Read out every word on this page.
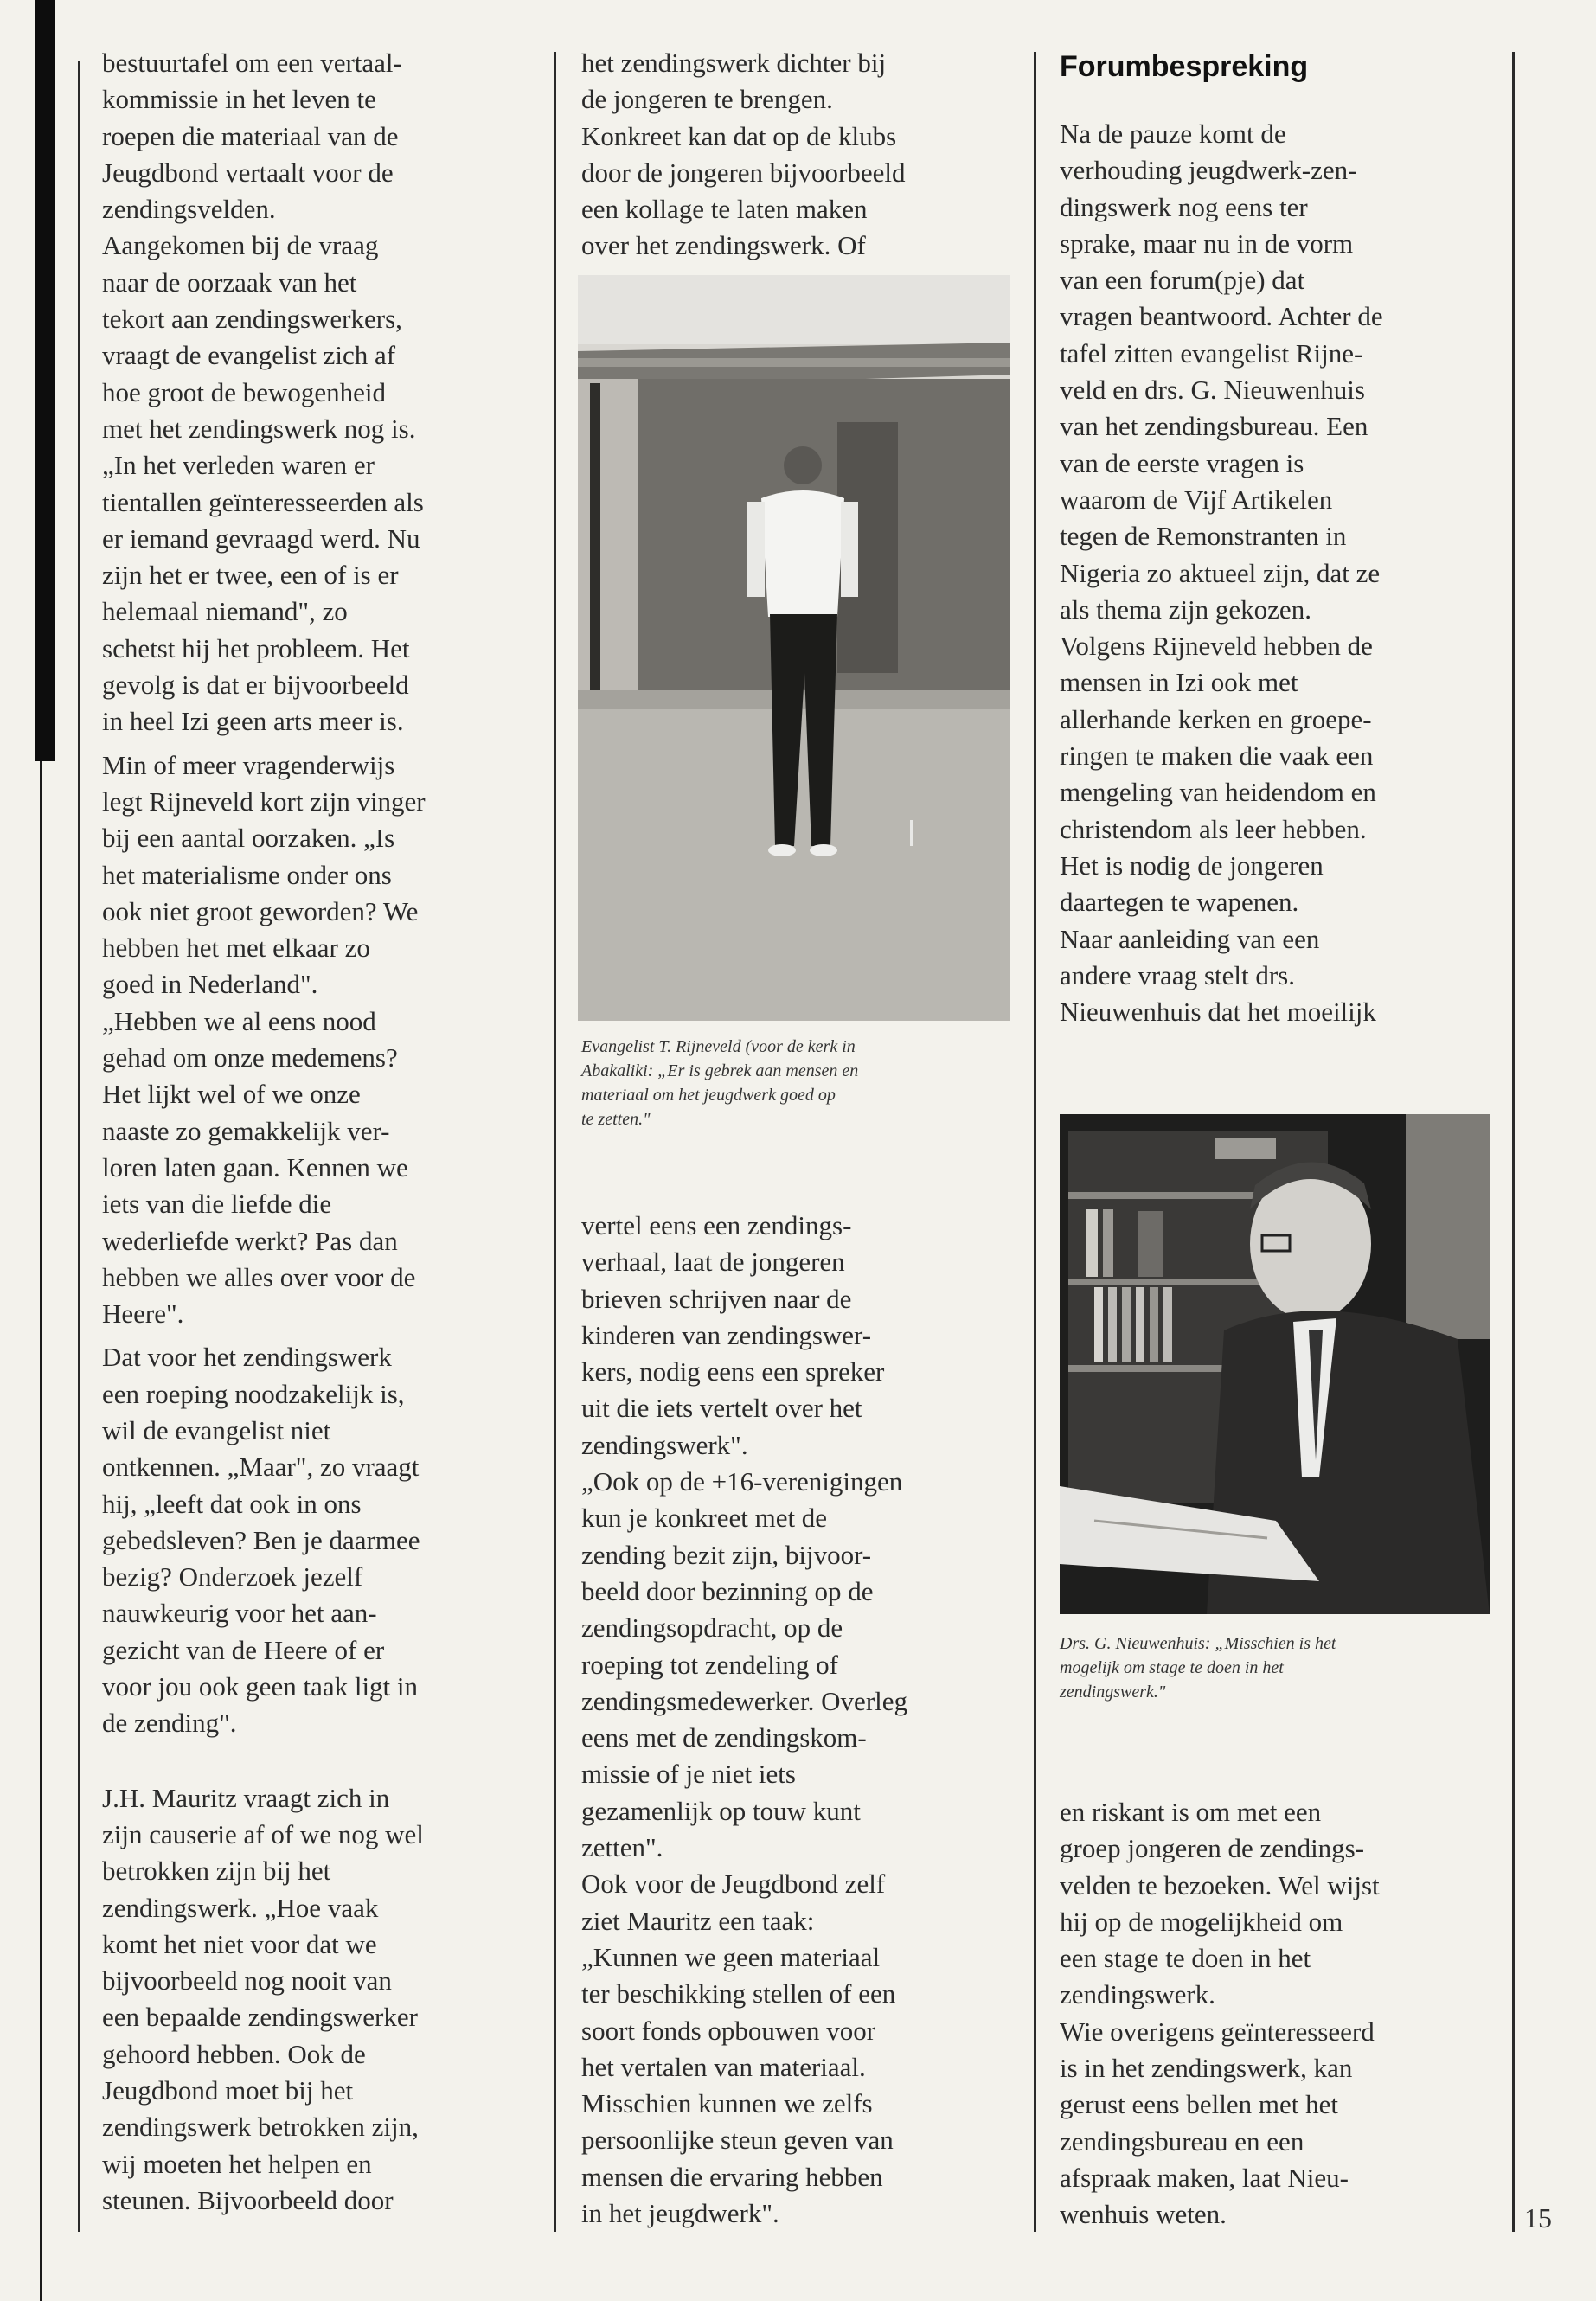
bestuurtafel om een vertaal-
kommissie in het leven te
roepen die materiaal van de
Jeugdbond vertaalt voor de
zendingsvelden.
Aangekomen bij de vraag
naar de oorzaak van het
tekort aan zendingswerkers,
vraagt de evangelist zich af
hoe groot de bewogenheid
met het zendingswerk nog is.
„In het verleden waren er
tientallen geïnteresseerden als
er iemand gevraagd werd. Nu
zijn het er twee, een of is er
helemaal niemand", zo
schetst hij het probleem. Het
gevolg is dat er bijvoorbeeld
in heel Izi geen arts meer is.

Min of meer vragenderwijs
legt Rijneveld kort zijn vinger
bij een aantal oorzaken. „Is
het materialisme onder ons
ook niet groot geworden? We
hebben het met elkaar zo
goed in Nederland".
„Hebben we al eens nood
gehad om onze medemens?
Het lijkt wel of we onze
naaste zo gemakkelijk ver-
loren laten gaan. Kennen we
iets van die liefde die
wederliefde werkt? Pas dan
hebben we alles over voor de
Heere".

Dat voor het zendingswerk
een roeping noodzakelijk is,
wil de evangelist niet
ontkennen. „Maar", zo vraagt
hij, „leeft dat ook in ons
gebedsleven? Ben je daarmee
bezig? Onderzoek jezelf
nauwkeurig voor het aan-
gezicht van de Heere of er
voor jou ook geen taak ligt in
de zending".

J.H. Mauritz vraagt zich in
zijn causerie af of we nog wel
betrokken zijn bij het
zendingswerk. „Hoe vaak
komt het niet voor dat we
bijvoorbeeld nog nooit van
een bepaalde zendingswerker
gehoord hebben. Ook de
Jeugdbond moet bij het
zendingswerk betrokken zijn,
wij moeten het helpen en
steunen. Bijvoorbeeld door

het zendingswerk dichter bij
de jongeren te brengen.
Konkreet kan dat op de klubs
door de jongeren bijvoorbeeld
een kollage te laten maken
over het zendingswerk. Of

Evangelist T. Rijneveld (voor de kerk in
Abakaliki: „Er is gebrek aan mensen en
materiaal om het jeugdwerk goed op
te zetten."

vertel eens een zendings-
verhaal, laat de jongeren
brieven schrijven naar de
kinderen van zendingswer-
kers, nodig eens een spreker
uit die iets vertelt over het
zendingswerk".
„Ook op de +16-verenigingen
kun je konkreet met de
zending bezit zijn, bijvoor-
beeld door bezinning op de
zendingsopdracht, op de
roeping tot zendeling of
zendingsmedewerker. Overleg
eens met de zendingskom-
missie of je niet iets
gezamenlijk op touw kunt
zetten".
Ook voor de Jeugdbond zelf
ziet Mauritz een taak:
„Kunnen we geen materiaal
ter beschikking stellen of een
soort fonds opbouwen voor
het vertalen van materiaal.
Misschien kunnen we zelfs
persoonlijke steun geven van
mensen die ervaring hebben
in het jeugdwerk".

Forumbespreking

Na de pauze komt de
verhouding jeugdwerk-zen-
dingswerk nog eens ter
sprake, maar nu in de vorm
van een forum(pje) dat
vragen beantwoord. Achter de
tafel zitten evangelist Rijne-
veld en drs. G. Nieuwenhuis
van het zendingsbureau. Een
van de eerste vragen is
waarom de Vijf Artikelen
tegen de Remonstranten in
Nigeria zo aktueel zijn, dat ze
als thema zijn gekozen.
Volgens Rijneveld hebben de
mensen in Izi ook met
allerhande kerken en groepe-
ringen te maken die vaak een
mengeling van heidendom en
christendom als leer hebben.
Het is nodig de jongeren
daartegen te wapenen.
Naar aanleiding van een
andere vraag stelt drs.
Nieuwenhuis dat het moeilijk

Drs. G. Nieuwenhuis: „Misschien is het
mogelijk om stage te doen in het
zendingswerk."

en riskant is om met een
groep jongeren de zendings-
velden te bezoeken. Wel wijst
hij op de mogelijkheid om
een stage te doen in het
zendingswerk.
Wie overigens geïnteresseerd
is in het zendingswerk, kan
gerust eens bellen met het
zendingsbureau en een
afspraak maken, laat Nieu-
wenhuis weten.	15
